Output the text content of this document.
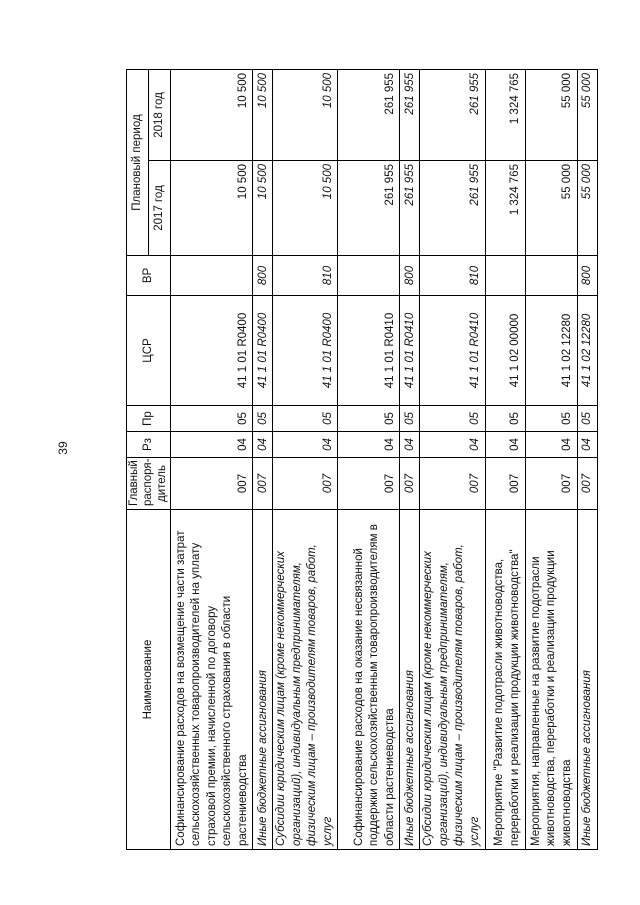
39
Наименование	Главный распоря-дитель	Рз	Пр	ЦСР	ВР	Плановый период	
						2017 год	2018 год
Софинансирование расходов на возмещение части затрат сельскохозяйственных товаропроизводителей на уплату страховой премии, начисленной по договору сельскохозяйственного страхования в области растениеводства	007	04	05	41 1 01 R0400		10 500	10 500
Иные бюджетные ассигнования	007	04	05	41 1 01 R0400	800	10 500	10 500
Субсидии юридическим лицам (кроме некоммерческих организаций), индивидуальным предпринимателям, физическим лицам – производителям товаров, работ, услуг	007	04	05	41 1 01 R0400	810	10 500	10 500
Софинансирование расходов на оказание несвязанной поддержки сельскохозяйственным товаропроизводителям в области растениеводства	007	04	05	41 1 01 R0410		261 955	261 955
Иные бюджетные ассигнования	007	04	05	41 1 01 R0410	800	261 955	261 955
Субсидии юридическим лицам (кроме некоммерческих организаций), индивидуальным предпринимателям, физическим лицам – производителям товаров, работ, услуг	007	04	05	41 1 01 R0410	810	261 955	261 955
Мероприятие "Развитие подотрасли животноводства, переработки и реализации продукции животноводства"	007	04	05	41 1 02 00000		1 324 765	1 324 765
Мероприятия, направленные на развитие подотрасли животноводства, переработки и реализации продукции животноводства	007	04	05	41 1 02 12280		55 000	55 000
Иные бюджетные ассигнования	007	04	05	41 1 02 12280	800	55 000	55 000
